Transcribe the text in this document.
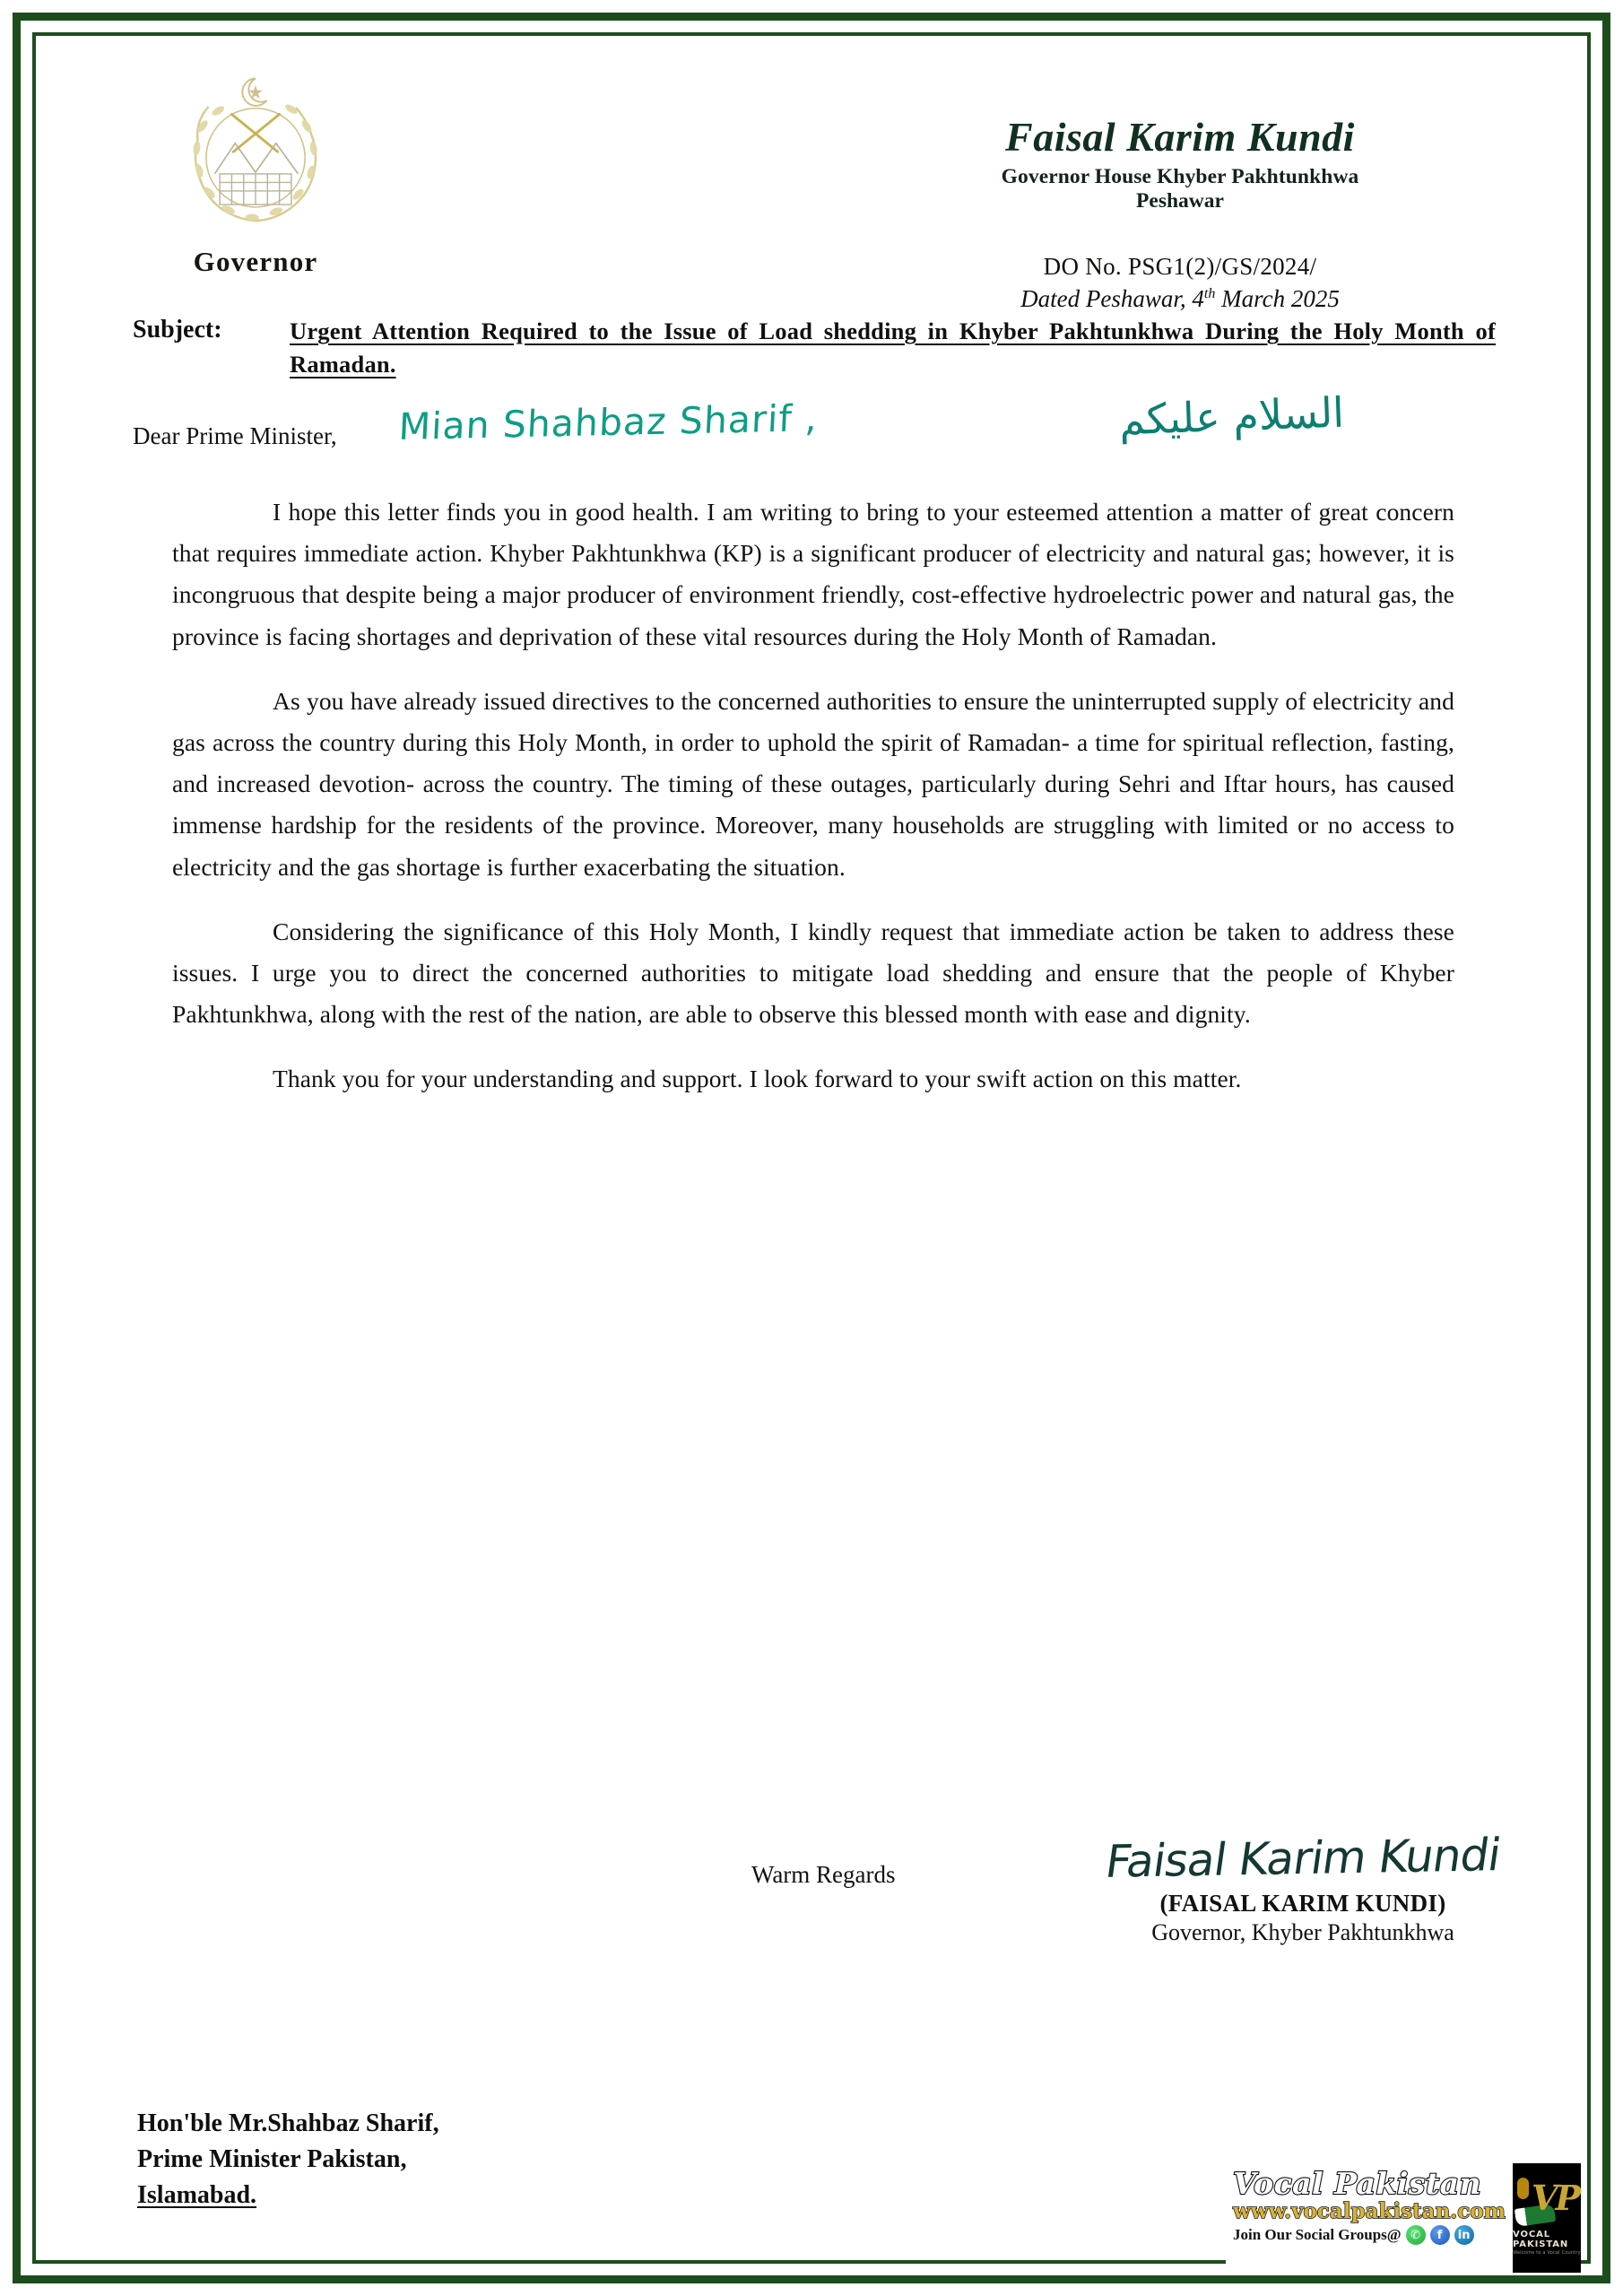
Governor
Faisal Karim Kundi
Governor House Khyber Pakhtunkhwa
Peshawar
DO No. PSG1(2)/GS/2024/
Dated Peshawar, 4th March 2025
Subject:	Urgent Attention Required to the Issue of Load shedding in Khyber Pakhtunkhwa During the Holy Month of Ramadan.
Dear Prime Minister, Mian Shahbaz Sharif ,	السلام علیکم

I hope this letter finds you in good health. I am writing to bring to your esteemed attention a matter of great concern that requires immediate action. Khyber Pakhtunkhwa (KP) is a significant producer of electricity and natural gas; however, it is incongruous that despite being a major producer of environment friendly, cost-effective hydroelectric power and natural gas, the province is facing shortages and deprivation of these vital resources during the Holy Month of Ramadan.

As you have already issued directives to the concerned authorities to ensure the uninterrupted supply of electricity and gas across the country during this Holy Month, in order to uphold the spirit of Ramadan- a time for spiritual reflection, fasting, and increased devotion- across the country. The timing of these outages, particularly during Sehri and Iftar hours, has caused immense hardship for the residents of the province. Moreover, many households are struggling with limited or no access to electricity and the gas shortage is further exacerbating the situation.

Considering the significance of this Holy Month, I kindly request that immediate action be taken to address these issues. I urge you to direct the concerned authorities to mitigate load shedding and ensure that the people of Khyber Pakhtunkhwa, along with the rest of the nation, are able to observe this blessed month with ease and dignity.

Thank you for your understanding and support. I look forward to your swift action on this matter.

Warm Regards	Faisal Karim Kundi
(FAISAL KARIM KUNDI)
Governor, Khyber Pakhtunkhwa
Hon'ble Mr.Shahbaz Sharif,
Prime Minister Pakistan,
Islamabad.	Vocal Pakistan
www.vocalpakistan.com
Join Our Social Groups@ ✆	f	in
VP
VOCAL PAKISTAN
Welcome to a Vocal Country
